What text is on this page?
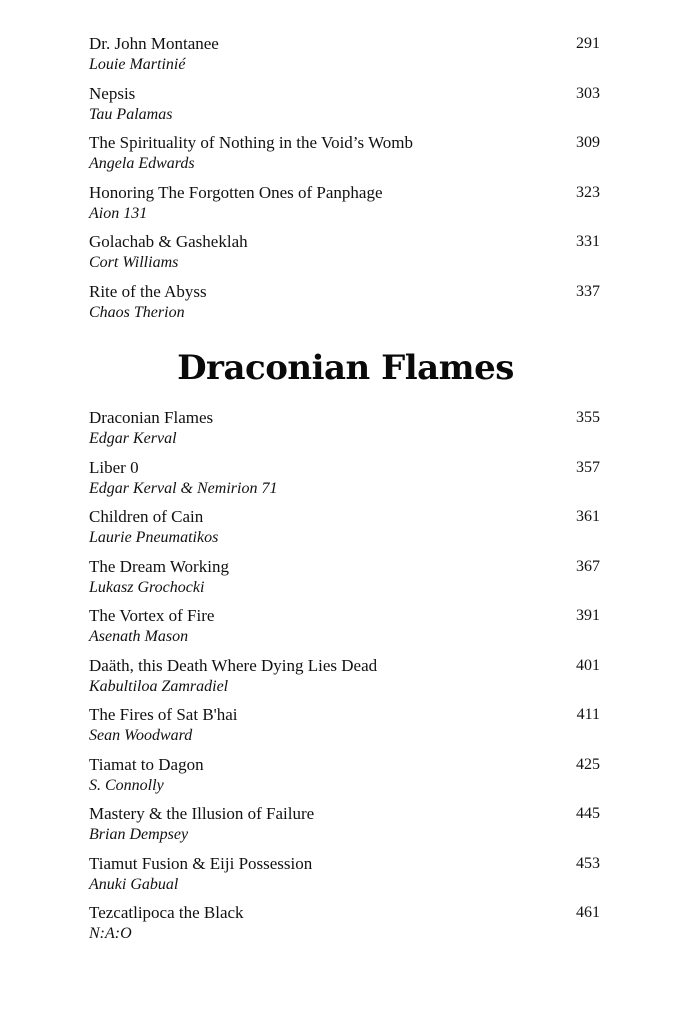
Dr. John Montanee
Louie Martinié
291
Nepsis
Tau Palamas
303
The Spirituality of Nothing in the Void’s Womb
Angela Edwards
309
Honoring The Forgotten Ones of Panphage
Aion 131
323
Golachab & Gasheklah
Cort Williams
331
Rite of the Abyss
Chaos Therion
337
Draconian Flames
Draconian Flames
Edgar Kerval
355
Liber 0
Edgar Kerval & Nemirion 71
357
Children of Cain
Laurie Pneumatikos
361
The Dream Working
Lukasz Grochocki
367
The Vortex of Fire
Asenath Mason
391
Daäth, this Death Where Dying Lies Dead
Kabultiloa Zamradiel
401
The Fires of Sat B'hai
Sean Woodward
411
Tiamat to Dagon
S. Connolly
425
Mastery & the Illusion of Failure
Brian Dempsey
445
Tiamut Fusion & Eiji Possession
Anuki Gabual
453
Tezcatlipoca the Black
N:A:O
461
